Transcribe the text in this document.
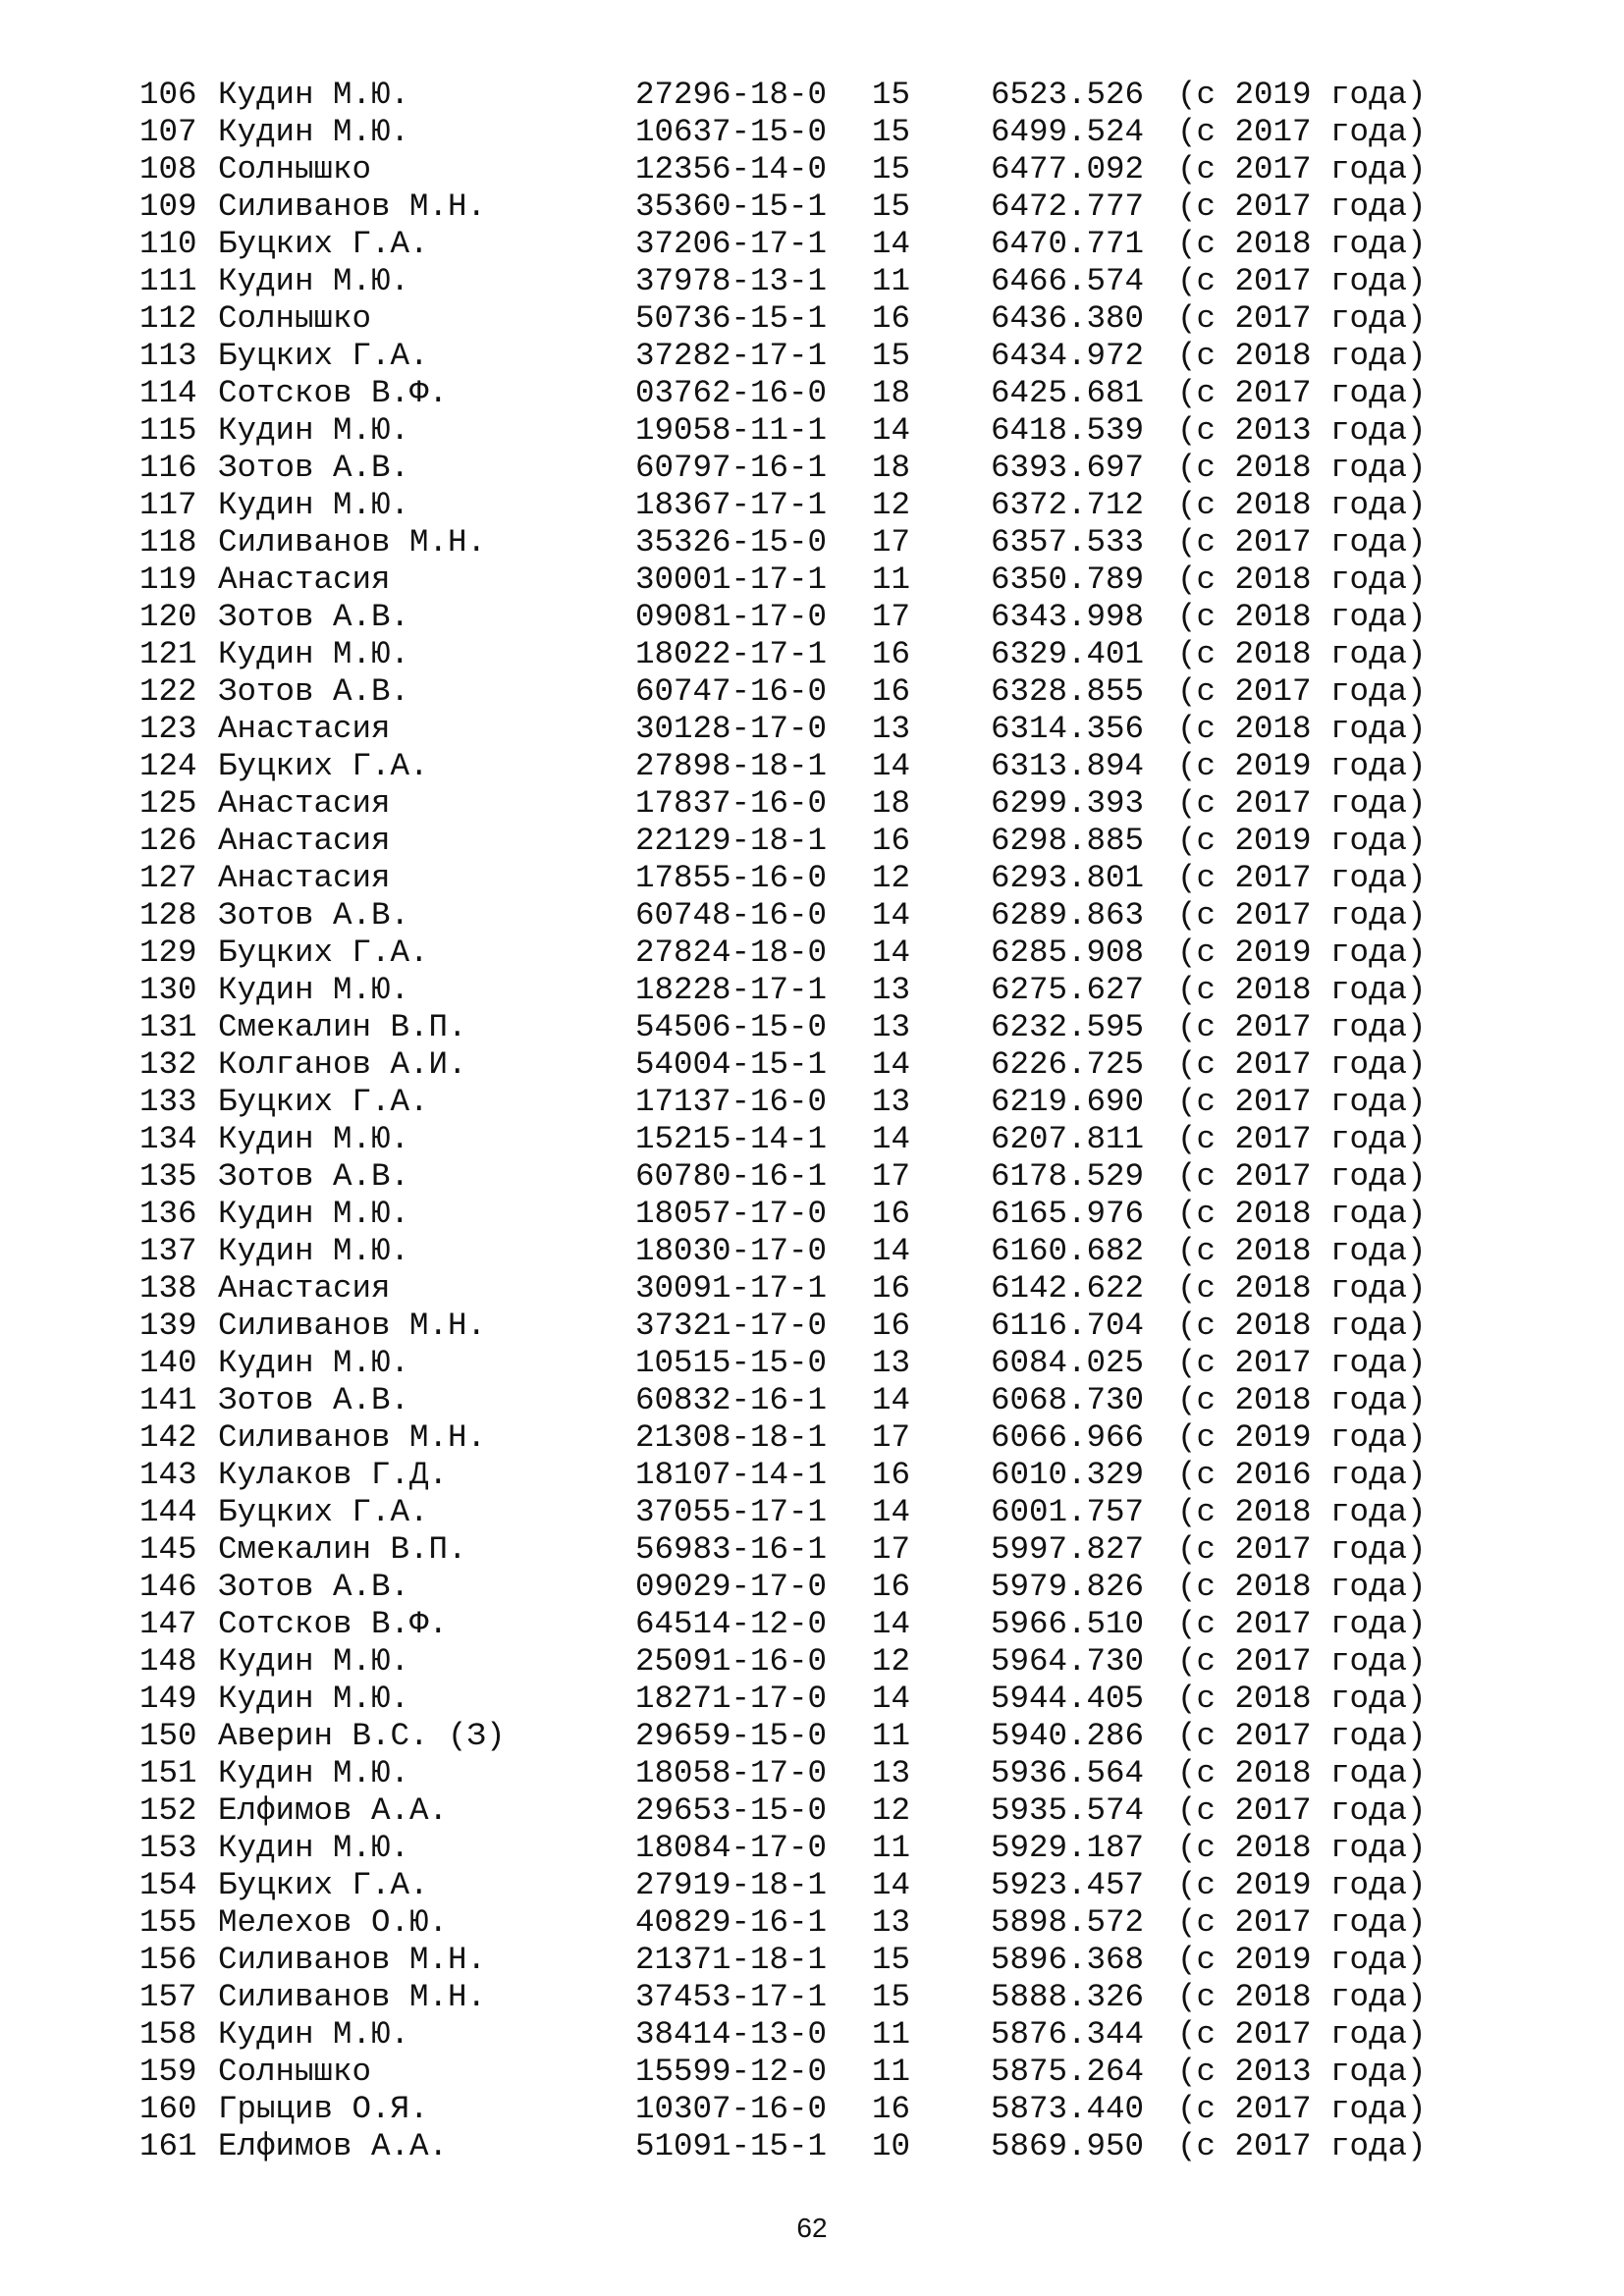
106 Кудин М.Ю.	27296-18-0 15	6523.526 (с 2019 года)
107 Кудин М.Ю.	10637-15-0 15	6499.524 (с 2017 года)
108 Солнышко	12356-14-0 15	6477.092 (с 2017 года)
109 Силиванов М.Н.	35360-15-1 15	6472.777 (с 2017 года)
110 Буцких Г.А.	37206-17-1 14	6470.771 (с 2018 года)
111 Кудин М.Ю.	37978-13-1 11	6466.574 (с 2017 года)
112 Солнышко	50736-15-1 16	6436.380 (с 2017 года)
113 Буцких Г.А.	37282-17-1 15	6434.972 (с 2018 года)
114 Сотсков В.Ф.	03762-16-0 18	6425.681 (с 2017 года)
115 Кудин М.Ю.	19058-11-1 14	6418.539 (с 2013 года)
116 Зотов А.В.	60797-16-1 18	6393.697 (с 2018 года)
117 Кудин М.Ю.	18367-17-1 12	6372.712 (с 2018 года)
118 Силиванов М.Н.	35326-15-0 17	6357.533 (с 2017 года)
119 Анастасия	30001-17-1 11	6350.789 (с 2018 года)
120 Зотов А.В.	09081-17-0 17	6343.998 (с 2018 года)
121 Кудин М.Ю.	18022-17-1 16	6329.401 (с 2018 года)
122 Зотов А.В.	60747-16-0 16	6328.855 (с 2017 года)
123 Анастасия	30128-17-0 13	6314.356 (с 2018 года)
124 Буцких Г.А.	27898-18-1 14	6313.894 (с 2019 года)
125 Анастасия	17837-16-0 18	6299.393 (с 2017 года)
126 Анастасия	22129-18-1 16	6298.885 (с 2019 года)
127 Анастасия	17855-16-0 12	6293.801 (с 2017 года)
128 Зотов А.В.	60748-16-0 14	6289.863 (с 2017 года)
129 Буцких Г.А.	27824-18-0 14	6285.908 (с 2019 года)
130 Кудин М.Ю.	18228-17-1 13	6275.627 (с 2018 года)
131 Смекалин В.П.	54506-15-0 13	6232.595 (с 2017 года)
132 Колганов А.И.	54004-15-1 14	6226.725 (с 2017 года)
133 Буцких Г.А.	17137-16-0 13	6219.690 (с 2017 года)
134 Кудин М.Ю.	15215-14-1 14	6207.811 (с 2017 года)
135 Зотов А.В.	60780-16-1 17	6178.529 (с 2017 года)
136 Кудин М.Ю.	18057-17-0 16	6165.976 (с 2018 года)
137 Кудин М.Ю.	18030-17-0 14	6160.682 (с 2018 года)
138 Анастасия	30091-17-1 16	6142.622 (с 2018 года)
139 Силиванов М.Н.	37321-17-0 16	6116.704 (с 2018 года)
140 Кудин М.Ю.	10515-15-0 13	6084.025 (с 2017 года)
141 Зотов А.В.	60832-16-1 14	6068.730 (с 2018 года)
142 Силиванов М.Н.	21308-18-1 17	6066.966 (с 2019 года)
143 Кулаков Г.Д.	18107-14-1 16	6010.329 (с 2016 года)
144 Буцких Г.А.	37055-17-1 14	6001.757 (с 2018 года)
145 Смекалин В.П.	56983-16-1 17	5997.827 (с 2017 года)
146 Зотов А.В.	09029-17-0 16	5979.826 (с 2018 года)
147 Сотсков В.Ф.	64514-12-0 14	5966.510 (с 2017 года)
148 Кудин М.Ю.	25091-16-0 12	5964.730 (с 2017 года)
149 Кудин М.Ю.	18271-17-0 14	5944.405 (с 2018 года)
150 Аверин В.С. (З)	29659-15-0 11	5940.286 (с 2017 года)
151 Кудин М.Ю.	18058-17-0 13	5936.564 (с 2018 года)
152 Елфимов А.А.	29653-15-0 12	5935.574 (с 2017 года)
153 Кудин М.Ю.	18084-17-0 11	5929.187 (с 2018 года)
154 Буцких Г.А.	27919-18-1 14	5923.457 (с 2019 года)
155 Мелехов О.Ю.	40829-16-1 13	5898.572 (с 2017 года)
156 Силиванов М.Н.	21371-18-1 15	5896.368 (с 2019 года)
157 Силиванов М.Н.	37453-17-1 15	5888.326 (с 2018 года)
158 Кудин М.Ю.	38414-13-0 11	5876.344 (с 2017 года)
159 Солнышко	15599-12-0 11	5875.264 (с 2013 года)
160 Грыцив О.Я.	10307-16-0 16	5873.440 (с 2017 года)
161 Елфимов А.А.	51091-15-1 10	5869.950 (с 2017 года)
62
